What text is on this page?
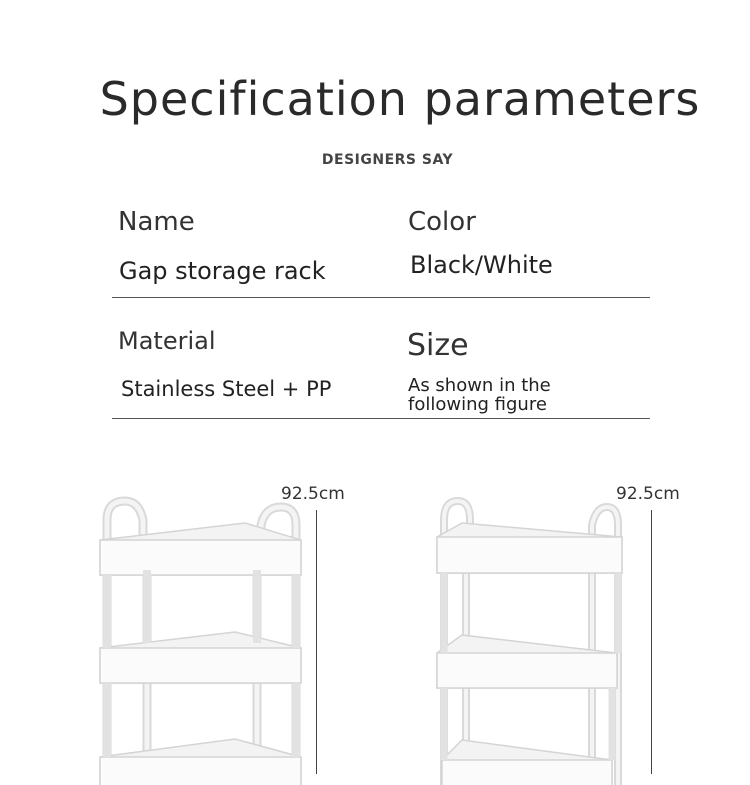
Specification parameters
DESIGNERS SAY
Name
Gap storage rack
Color
Black/White
Material
Stainless Steel + PP
Size
As shown in the following figure
92.5cm	92.5cm
